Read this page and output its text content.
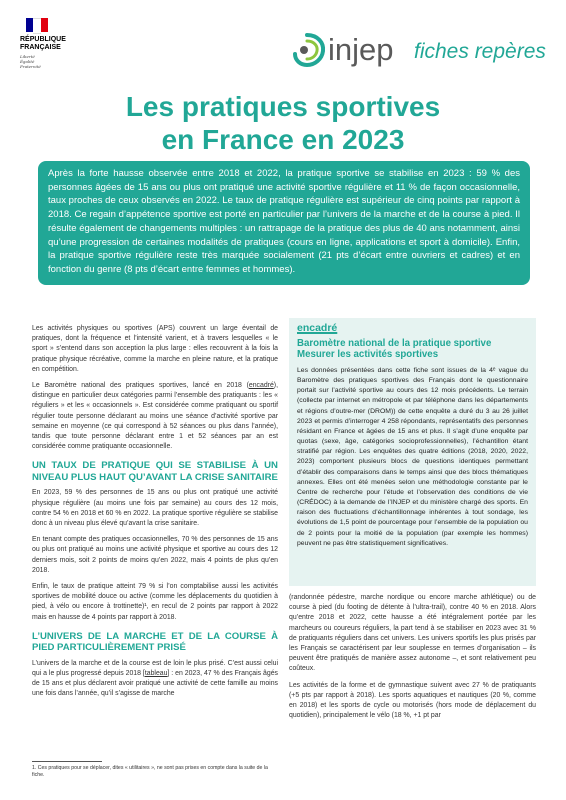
RÉPUBLIQUE
FRANÇAISE
Liberté
Égalité
Fraternité	injep fiches repères
Les pratiques sportives
en France en 2023
Après la forte hausse observée entre 2018 et 2022, la pratique sportive se stabilise en 2023 : 59 % des personnes âgées de 15 ans ou plus ont pratiqué une activité sportive régulière et 11 % de façon occasionnelle, taux proches de ceux observés en 2022. Le taux de pratique régulière est supérieur de cinq points par rapport à 2018. Ce regain d’appétence sportive est porté en particulier par l’univers de la marche et de la course à pied. Il résulte également de changements multiples : un rattrapage de la pratique des plus de 40 ans notamment, ainsi qu’une progression de certaines modalités de pratiques (cours en ligne, applications et sport à domicile). Enfin, la pratique sportive régulière reste très marquée socialement (21 pts d’écart entre ouvriers et cadres) et en fonction du genre (8 pts d’écart entre femmes et hommes).

Les activités physiques ou sportives (APS) couvrent un large éventail de pratiques, dont la fréquence et l’intensité varient, et à travers lesquelles « le sport » s’entend dans son acception la plus large : elles recouvrent à la fois la pratique physique récréative, comme la marche en pleine nature, et la pratique en compétition.

Le Baromètre national des pratiques sportives, lancé en 2018 (encadré), distingue en particulier deux catégories parmi l’ensemble des pratiquants : les « réguliers » et les « occasionnels ». Est considérée comme pratiquant ou sportif régulier toute personne déclarant au moins une séance d’activité sportive par semaine en moyenne (ce qui correspond à 52 séances ou plus dans l’année), tandis que toute personne déclarant entre 1 et 52 séances par an est considérée comme pratiquante occasionnelle.

UN TAUX DE PRATIQUE QUI SE STABILISE À UN NIVEAU PLUS HAUT QU’AVANT LA CRISE SANITAIRE

En 2023, 59 % des personnes de 15 ans ou plus ont pratiqué une activité physique régulière (au moins une fois par semaine) au cours des 12 mois, contre 54 % en 2018 et 60 % en 2022. La pratique sportive régulière se stabilise donc à un niveau plus élevé qu’avant la crise sanitaire.

En tenant compte des pratiques occasionnelles, 70 % des personnes de 15 ans ou plus ont pratiqué au moins une activité physique et sportive au cours des 12 derniers mois, soit 2 points de moins qu’en 2022, mais 4 points de plus qu’en 2018.

Enfin, le taux de pratique atteint 79 % si l’on comptabilise aussi les activités sportives de mobilité douce ou active (comme les déplacements du quotidien à pied, à vélo ou encore à trottinette)¹, en recul de 2 points par rapport à 2022 mais en hausse de 4 points par rapport à 2018.

L’UNIVERS DE LA MARCHE ET DE LA COURSE À PIED PARTICULIÈREMENT PRISÉ

L’univers de la marche et de la course est de loin le plus prisé. C’est aussi celui qui a le plus progressé depuis 2018 [tableau] : en 2023, 47 % des Français âgés de 15 ans et plus déclarent avoir pratiqué une activité de cette famille au moins une fois dans l’année, qu’il s’agisse de marche

1. Ces pratiques pour se déplacer, dites « utilitaires », ne sont pas prises en compte dans la suite de la fiche.
encadré
Baromètre national de la pratique sportive Mesurer les activités sportives

Les données présentées dans cette fiche sont issues de la 4ᵉ vague du Baromètre des pratiques sportives des Français dont le questionnaire portait sur l’activité sportive au cours des 12 mois précédents. Le terrain (collecte par internet en métropole et par téléphone dans les départements et régions d’outre-mer (DROM)) de cette enquête a duré du 3 au 26 juillet 2023 et permis d’interroger 4 258 répondants, représentatifs des personnes résidant en France et âgées de 15 ans et plus. Il s’agit d’une enquête par quotas (sexe, âge, catégories socioprofessionnelles), l’échantillon étant stratifié par région. Les enquêtes des quatre éditions (2018, 2020, 2022, 2023) comportent plusieurs blocs de questions identiques permettant d’établir des comparaisons dans le temps ainsi que des blocs thématiques annexes. Elles ont été menées selon une méthodologie constante par le Centre de recherche pour l’étude et l’observation des conditions de vie (CRÉDOC) à la demande de l’INJEP et du ministère chargé des sports. En raison des fluctuations d’échantillonnage inhérentes à tout sondage, les évolutions de 1,5 point de pourcentage pour l’ensemble de la population ou de 2 points pour la moitié de la population (par exemple les hommes) peuvent ne pas être statistiquement significatives.

(randonnée pédestre, marche nordique ou encore marche athlétique) ou de course à pied (du footing de détente à l’ultra-trail), contre 40 % en 2018. Alors qu’entre 2018 et 2022, cette hausse a été intégralement portée par les marcheurs ou coureurs réguliers, la part tend à se stabiliser en 2023 avec 31 % de pratiquants réguliers dans cet univers. Les univers sportifs les plus prisés par les Français se caractérisent par leur souplesse en termes d’organisation – ils peuvent être pratiqués de manière assez autonome –, et sont relativement peu coûteux.

Les activités de la forme et de gymnastique suivent avec 27 % de pratiquants (+5 pts par rapport à 2018). Les sports aquatiques et nautiques (20 %, comme en 2018) et les sports de cycle ou motorisés (hors mode de déplacement du quotidien), principalement le vélo (18 %, +1 pt par
